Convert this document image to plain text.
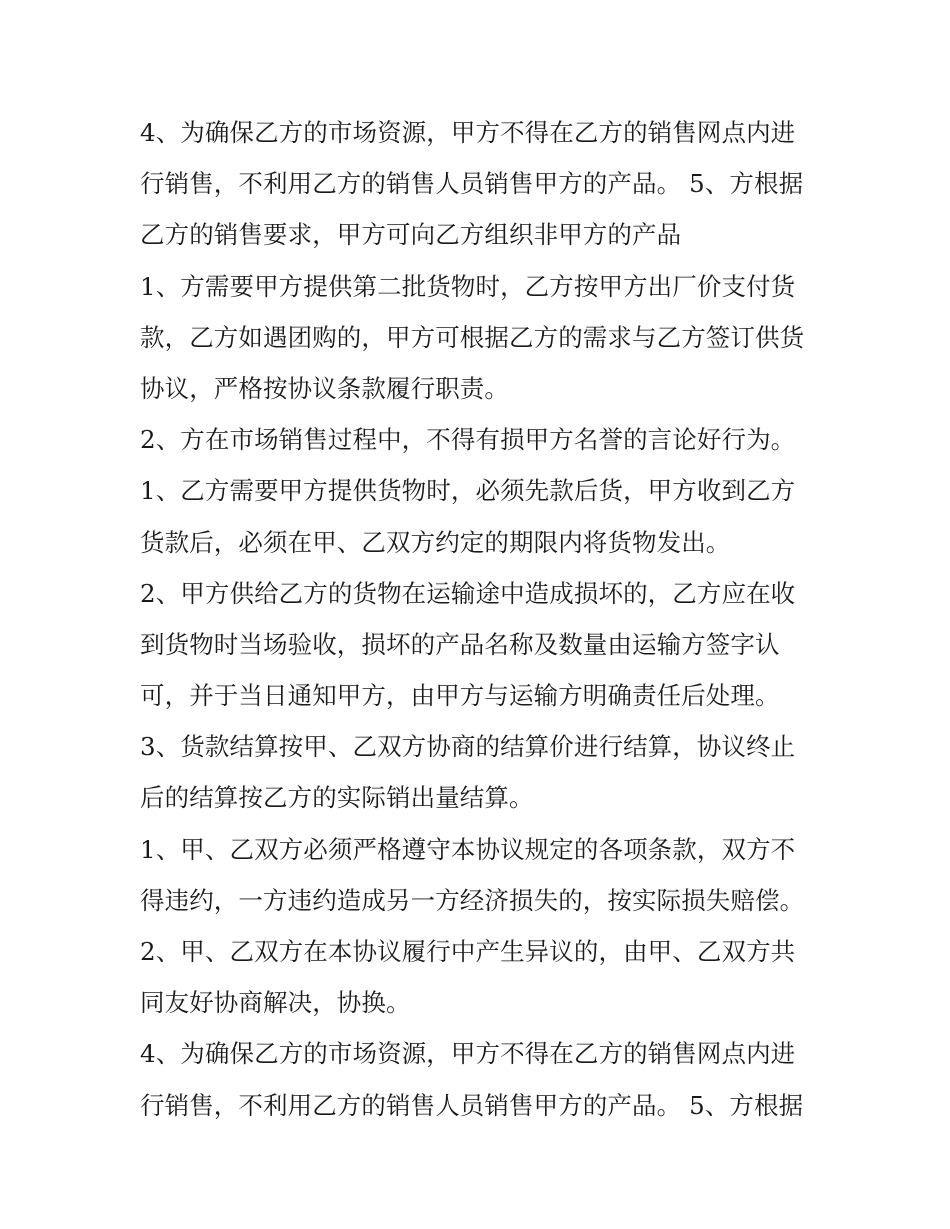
4、为确保乙方的市场资源，甲方不得在乙方的销售网点内进
行销售，不利用乙方的销售人员销售甲方的产品。 5、方根据
乙方的销售要求，甲方可向乙方组织非甲方的产品
1、方需要甲方提供第二批货物时，乙方按甲方出厂价支付货
款，乙方如遇团购的，甲方可根据乙方的需求与乙方签订供货
协议，严格按协议条款履行职责。
2、方在市场销售过程中，不得有损甲方名誉的言论好行为。
1、乙方需要甲方提供货物时，必须先款后货，甲方收到乙方
货款后，必须在甲、乙双方约定的期限内将货物发出。
2、甲方供给乙方的货物在运输途中造成损坏的，乙方应在收
到货物时当场验收，损坏的产品名称及数量由运输方签字认
可，并于当日通知甲方，由甲方与运输方明确责任后处理。
3、货款结算按甲、乙双方协商的结算价进行结算，协议终止
后的结算按乙方的实际销出量结算。
1、甲、乙双方必须严格遵守本协议规定的各项条款，双方不
得违约，一方违约造成另一方经济损失的，按实际损失赔偿。
2、甲、乙双方在本协议履行中产生异议的，由甲、乙双方共
同友好协商解决，协换。
4、为确保乙方的市场资源，甲方不得在乙方的销售网点内进
行销售，不利用乙方的销售人员销售甲方的产品。 5、方根据
